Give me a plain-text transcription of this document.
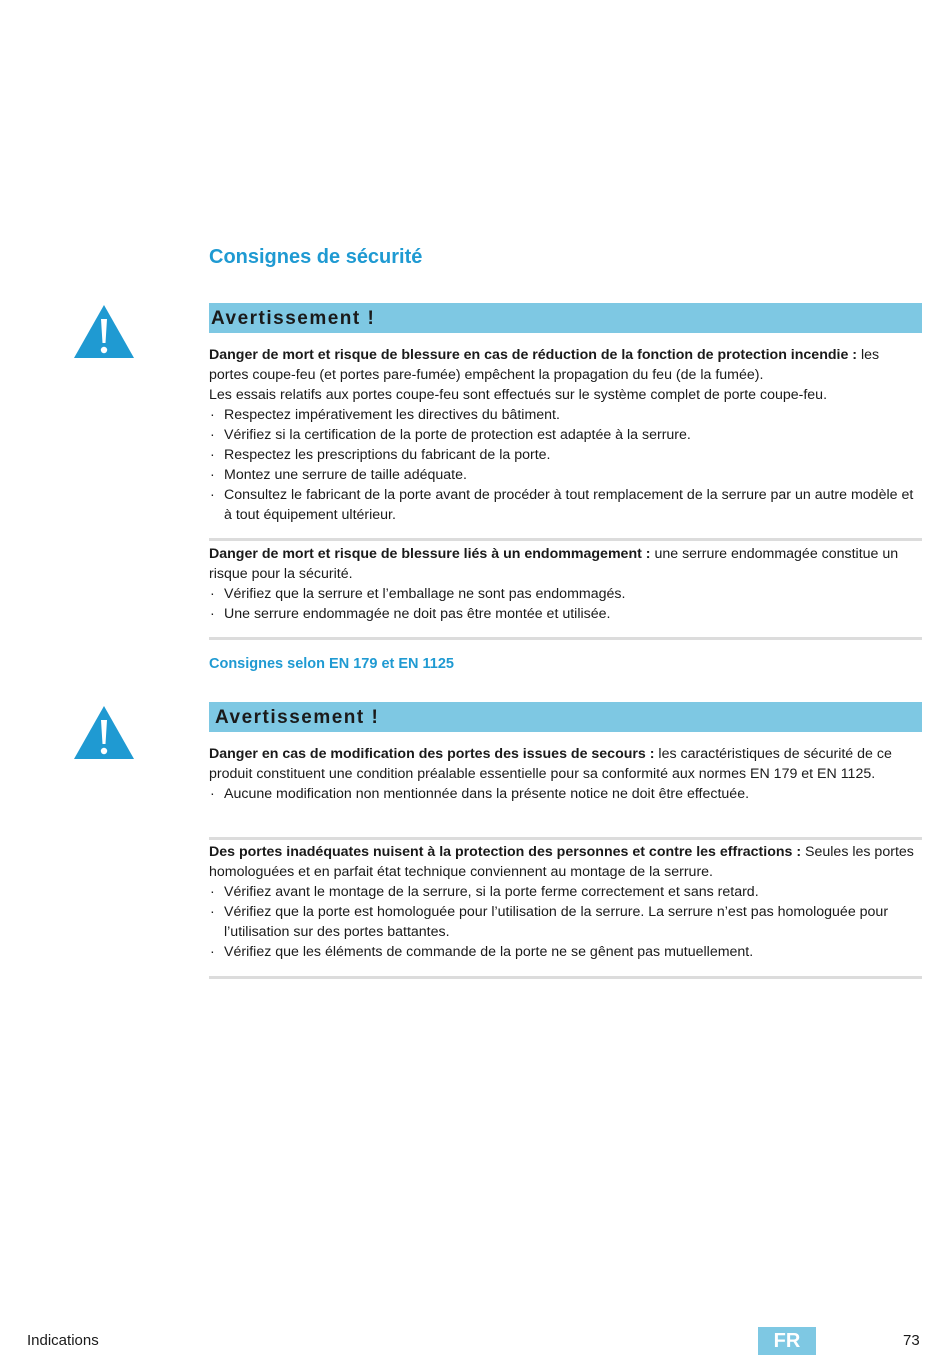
Consignes de sécurité
Avertissement !

Danger de mort et risque de blessure en cas de réduction de la fonction de protection incendie : les portes coupe-feu (et portes pare-fumée) empêchent la propagation du feu (de la fumée).

Les essais relatifs aux portes coupe-feu sont effectués sur le système complet de porte coupe-feu.

· Respectez impérativement les directives du bâtiment.
· Vérifiez si la certification de la porte de protection est adaptée à la serrure.
· Respectez les prescriptions du fabricant de la porte.
· Montez une serrure de taille adéquate.
· Consultez le fabricant de la porte avant de procéder à tout remplacement de la serrure par un autre modèle et à tout équipement ultérieur.

Danger de mort et risque de blessure liés à un endommagement : une serrure endommagée constitue un risque pour la sécurité.

· Vérifiez que la serrure et l’emballage ne sont pas endommagés.
· Une serrure endommagée ne doit pas être montée et utilisée.
Consignes selon EN 179 et EN 1125
Avertissement !

Danger en cas de modification des portes des issues de secours : les caractéristiques de sécurité de ce produit constituent une condition préalable essentielle pour sa conformité aux normes EN 179 et EN 1125.

· Aucune modification non mentionnée dans la présente notice ne doit être effectuée.

Des portes inadéquates nuisent à la protection des personnes et contre les effractions : Seules les portes homologuées et en parfait état technique conviennent au montage de la serrure.

· Vérifiez avant le montage de la serrure, si la porte ferme correctement et sans retard.
· Vérifiez que la porte est homologuée pour l’utilisation de la serrure. La serrure n’est pas homologuée pour l’utilisation sur des portes battantes.
· Vérifiez que les éléments de commande de la porte ne se gênent pas mutuellement.
Indications	FR	73
